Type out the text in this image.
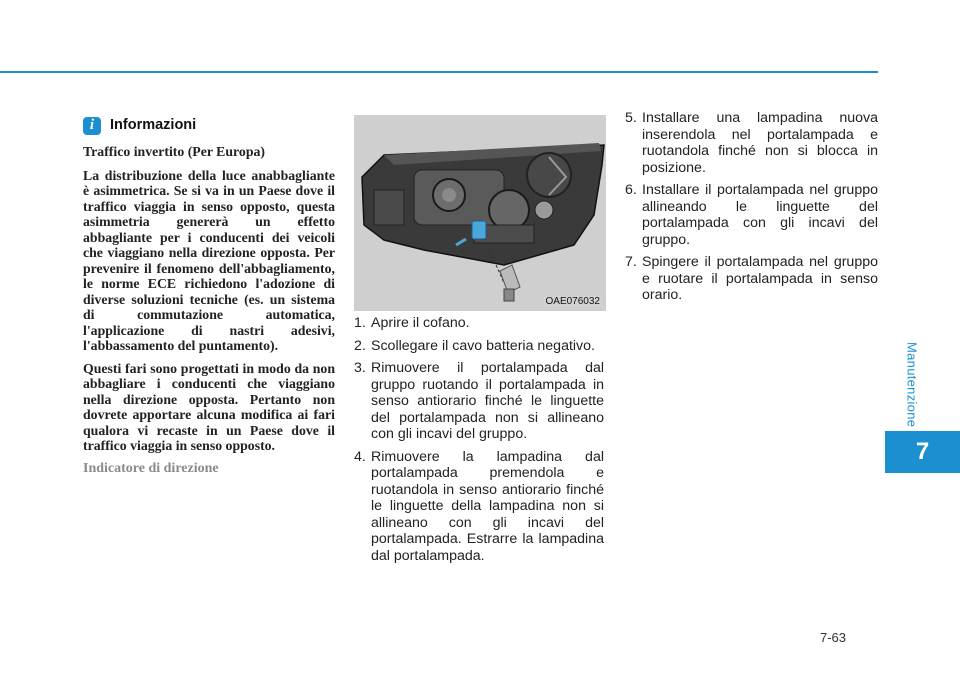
Manutenzione
7
7-63
i	Informazioni

Traffico invertito (Per Europa)

La distribuzione della luce anabbagliante è asimmetrica. Se si va in un Paese dove il traffico viaggia in senso opposto, questa asimmetria genererà un effetto abbagliante per i conducenti dei veicoli che viaggiano nella direzione opposta. Per prevenire il fenomeno dell'abbagliamento, le norme ECE richiedono l'adozione di diverse soluzioni tecniche (es. un sistema di commutazione automatica, l'applicazione di nastri adesivi, l'abbassamento del puntamento).

Questi fari sono progettati in modo da non abbagliare i conducenti che viaggiano nella direzione opposta. Pertanto non dovrete apportare alcuna modifica ai fari qualora vi recaste in un Paese dove il traffico viaggia in senso opposto.

Indicatore di direzione
OAE076032
1. Aprire il cofano.
2. Scollegare il cavo batteria negativo.
3. Rimuovere il portalampada dal gruppo ruotando il portalampada in senso antiorario finché le linguette del portalampada non si allineano con gli incavi del gruppo.
4. Rimuovere la lampadina dal portalampada premendola e ruotandola in senso antiorario finché le linguette della lampadina non si allineano con gli incavi del portalampada. Estrarre la lampadina dal portalampada.
5. Installare una lampadina nuova inserendola nel portalampada e ruotandola finché non si blocca in posizione.
6. Installare il portalampada nel gruppo allineando le linguette del portalampada con gli incavi del gruppo.
7. Spingere il portalampada nel gruppo e ruotare il portalampada in senso orario.
